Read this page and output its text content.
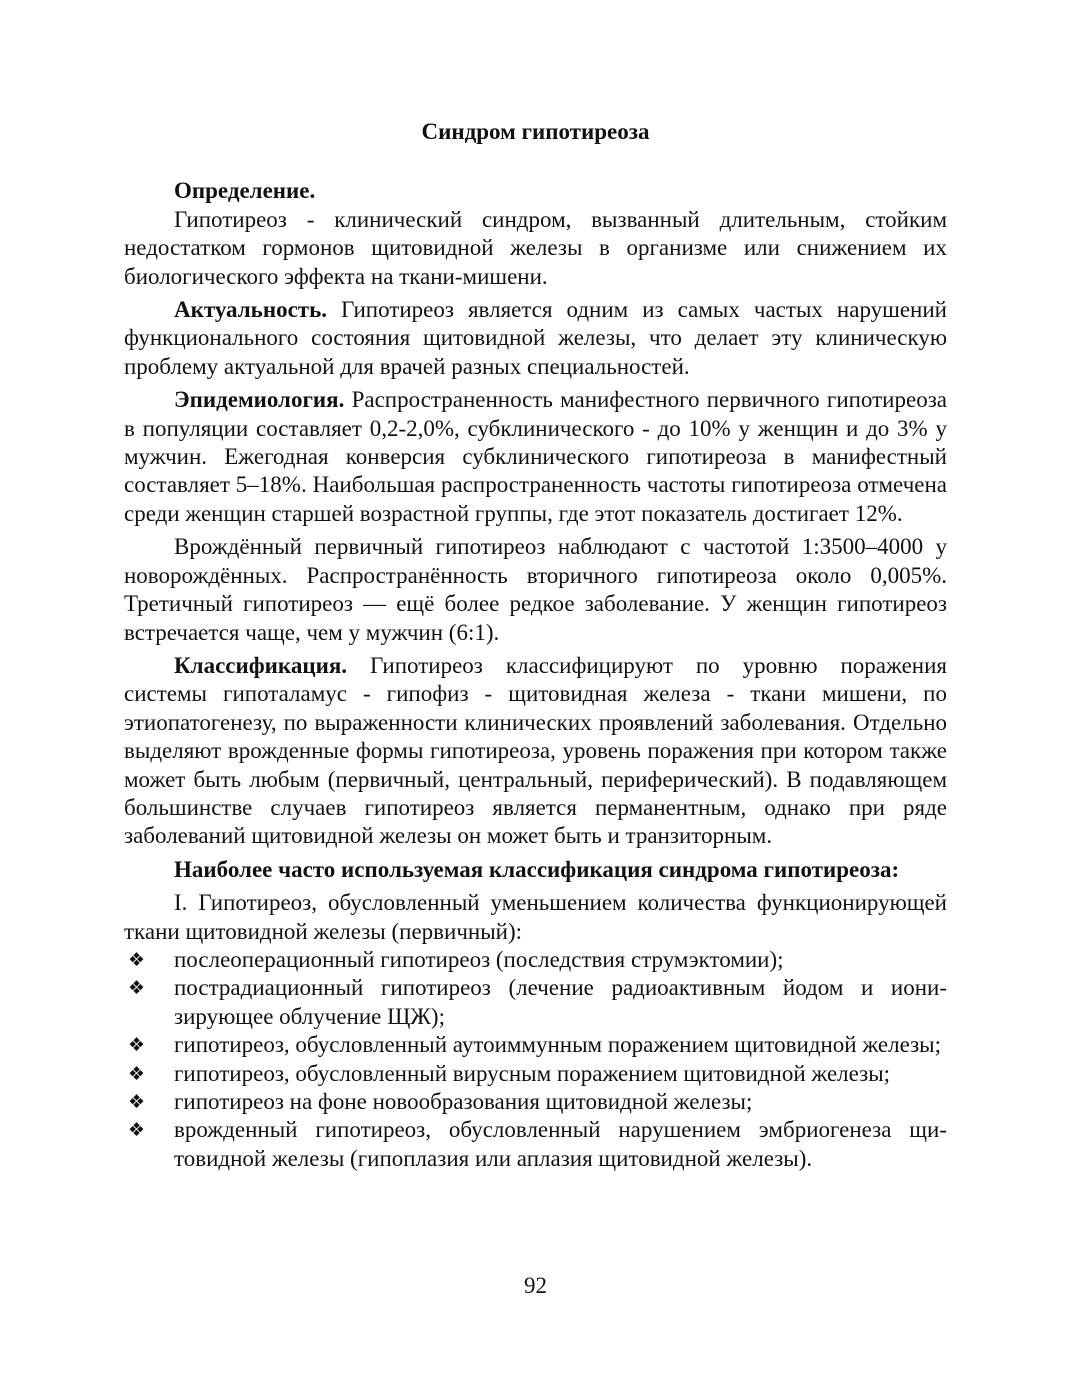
Синдром гипотиреоза
Определение.

Гипотиреоз - клинический синдром, вызванный длительным, стойким недостатком гормонов щитовидной железы в организме или снижением их биологического эффекта на ткани-мишени.

Актуальность. Гипотиреоз является одним из самых частых нарушений функционального состояния щитовидной железы, что делает эту клиническую проблему актуальной для врачей разных специальностей.

Эпидемиология. Распространенность манифестного первичного гипотиреоза в популяции составляет 0,2-2,0%, субклинического - до 10% у женщин и до 3% у мужчин. Ежегодная конверсия субклинического гипотиреоза в манифестный составляет 5–18%. Наибольшая распространенность частоты гипотиреоза отмечена среди женщин старшей возрастной группы, где этот показатель достигает 12%.

Врождённый первичный гипотиреоз наблюдают с частотой 1:3500–4000 у новорождённых. Распространённость вторичного гипотиреоза около 0,005%. Третичный гипотиреоз — ещё более редкое заболевание. У женщин гипотиреоз встречается чаще, чем у мужчин (6:1).

Классификация. Гипотиреоз классифицируют по уровню поражения системы гипоталамус - гипофиз - щитовидная железа - ткани мишени, по этиопатогенезу, по выраженности клинических проявлений заболевания. Отдельно выделяют врожденные формы гипотиреоза, уровень поражения при котором также может быть любым (первичный, центральный, периферический). В подавляющем большинстве случаев гипотиреоз является перманентным, однако при ряде заболеваний щитовидной железы он может быть и транзиторным.

Наиболее часто используемая классификация синдрома гипотиреоза:

I. Гипотиреоз, обусловленный уменьшением количества функционирующей ткани щитовидной железы (первичный):

❖ послеоперационный гипотиреоз (последствия струмэктомии);
❖ пострадиационный гипотиреоз (лечение радиоактивным йодом и ионизирующее облучение ЩЖ);
❖ гипотиреоз, обусловленный аутоиммунным поражением щитовидной железы;
❖ гипотиреоз, обусловленный вирусным поражением щитовидной железы;
❖ гипотиреоз на фоне новообразования щитовидной железы;
❖ врожденный гипотиреоз, обусловленный нарушением эмбриогенеза щитовидной железы (гипоплазия или аплазия щитовидной железы).
92
